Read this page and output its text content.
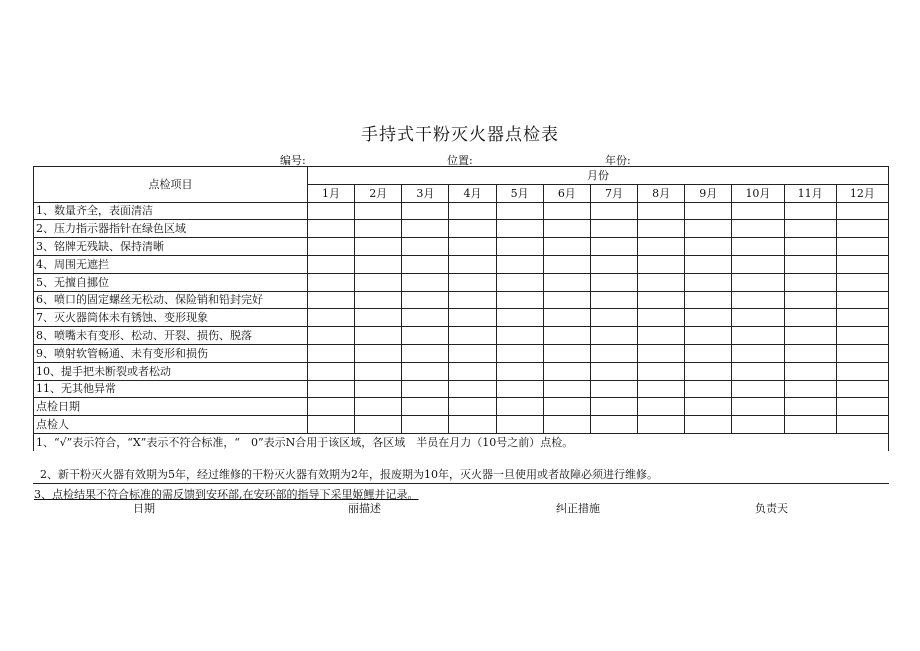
手持式干粉灭火器点检表
编号:	位置:	年份:
点检项目	月份											
	1月	2月	3月	4月	5月	6月	7月	8月	9月	10月	11月	12月
1、数量齐全，表面清洁												
2、压力指示器指针在绿色区域												
3、铭牌无残缺、保持清晰												
4、周围无遮拦												
5、无擅自挪位												
6、喷口的固定螺丝无松动、保险销和铅封完好												
7、灭火器筒体未有锈蚀、变形现象												
8、喷嘴未有变形、松动、开裂、损伤、脱落												
9、喷射软管畅通、未有变形和损伤												
10、提手把未断裂或者松动												
11、无其他异常												
点检日期												
点检人												
1、“√”表示符合，“X”表示不符合标准，“　0”表示N合用于该区域，各区域　半员在月力（10号之前）点检。												
2、新干粉灭火器有效期为5年，经过维修的干粉灭火器有效期为2年，报废期为10年，灭火器一旦使用或者故障必须进行维修。
3、点检结果不符合标准的需反馈到安环部,在安环部的指导下采里姬鲤并记录。
日期	丽描述	纠正措施	负责天
